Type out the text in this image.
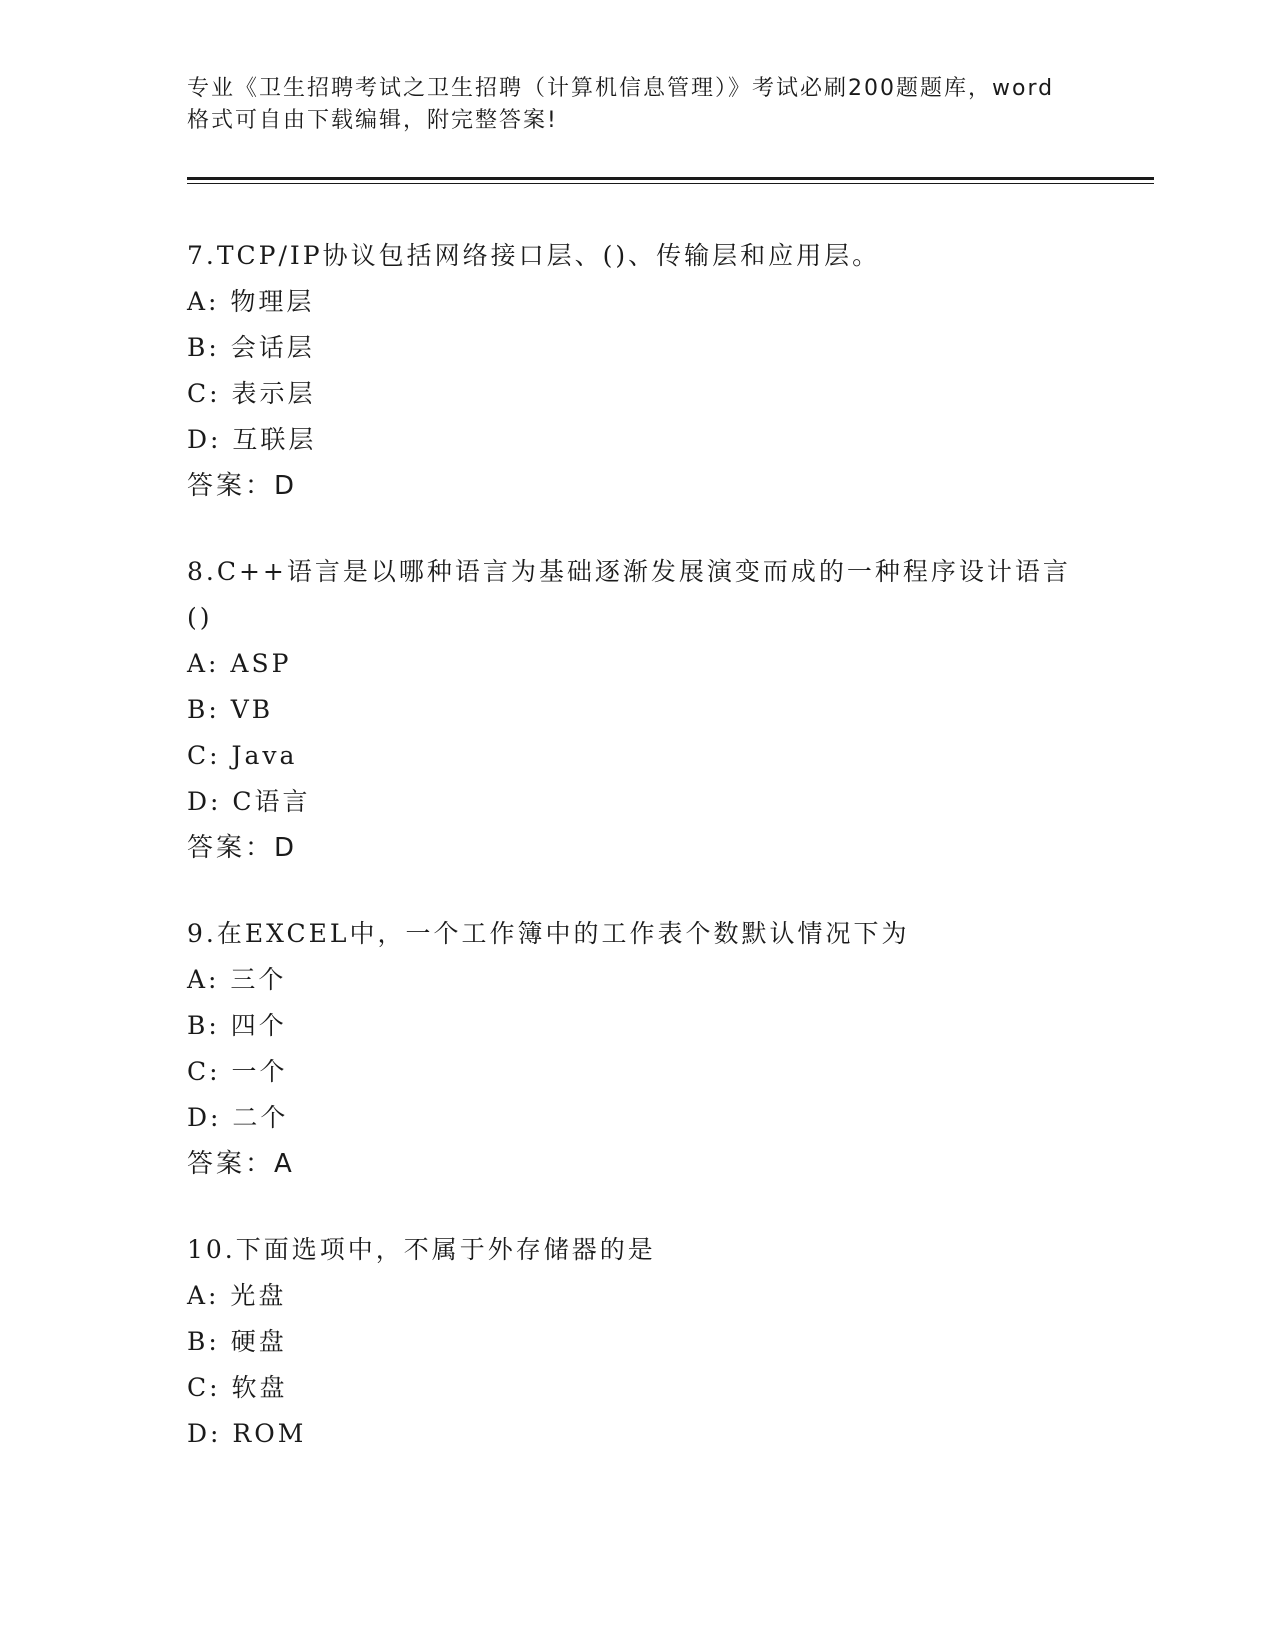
专业《卫生招聘考试之卫生招聘（计算机信息管理）》考试必刷200题题库，word
格式可自由下载编辑，附完整答案!

7.TCP/IP协议包括网络接口层、()、传输层和应用层。

A: 物理层

B: 会话层

C: 表示层

D: 互联层

答案：D

8.C++语言是以哪种语言为基础逐渐发展演变而成的一种程序设计语言()

A: ASP

B: VB

C: Java

D: C语言

答案：D

9.在EXCEL中，一个工作簿中的工作表个数默认情况下为

A: 三个

B: 四个

C: 一个

D: 二个

答案：A

10.下面选项中，不属于外存储器的是

A: 光盘

B: 硬盘

C: 软盘

D: ROM
